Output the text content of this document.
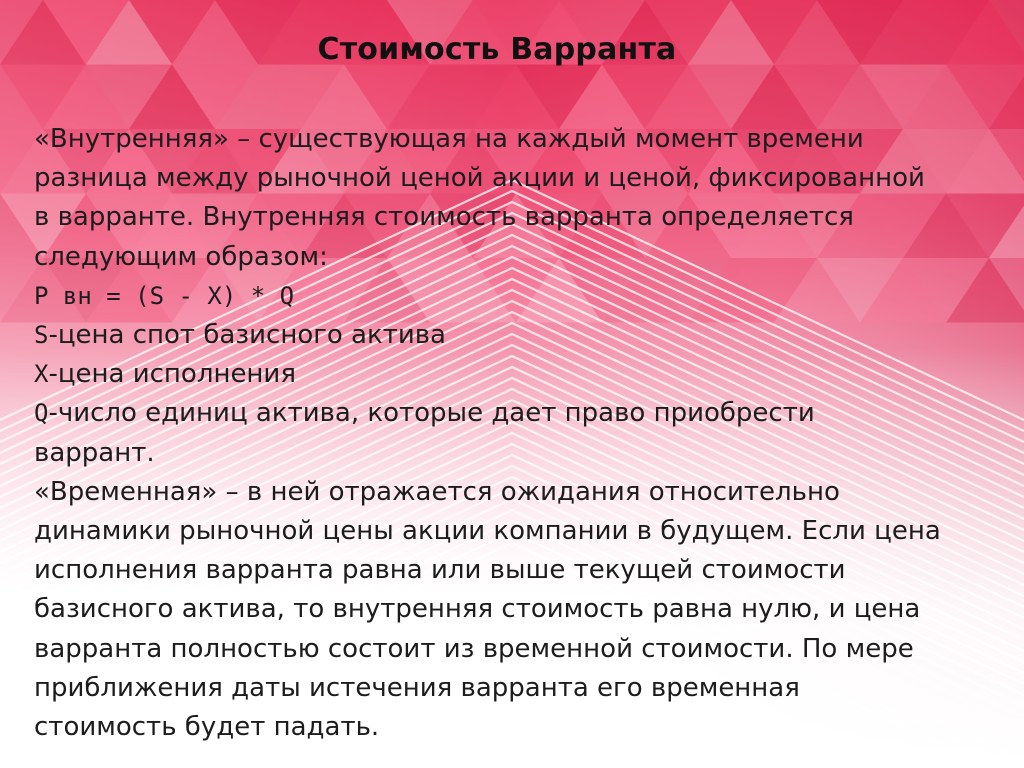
Стоимость Варранта
«Внутренняя» – существующая на каждый момент времени
разница между рыночной ценой акции и ценой, фиксированной
в варранте. Внутренняя стоимость варранта определяется
следующим образом:
P вн = (S - X) * Q
S-цена спот базисного актива
X-цена исполнения
Q-число единиц актива, которые дает право приобрести
варрант.
«Временная» – в ней отражается ожидания относительно
динамики рыночной цены акции компании в будущем. Если цена
исполнения варранта равна или выше текущей стоимости
базисного актива, то внутренняя стоимость равна нулю, и цена
варранта полностью состоит из временной стоимости. По мере
приближения даты истечения варранта его временная
стоимость будет падать.
